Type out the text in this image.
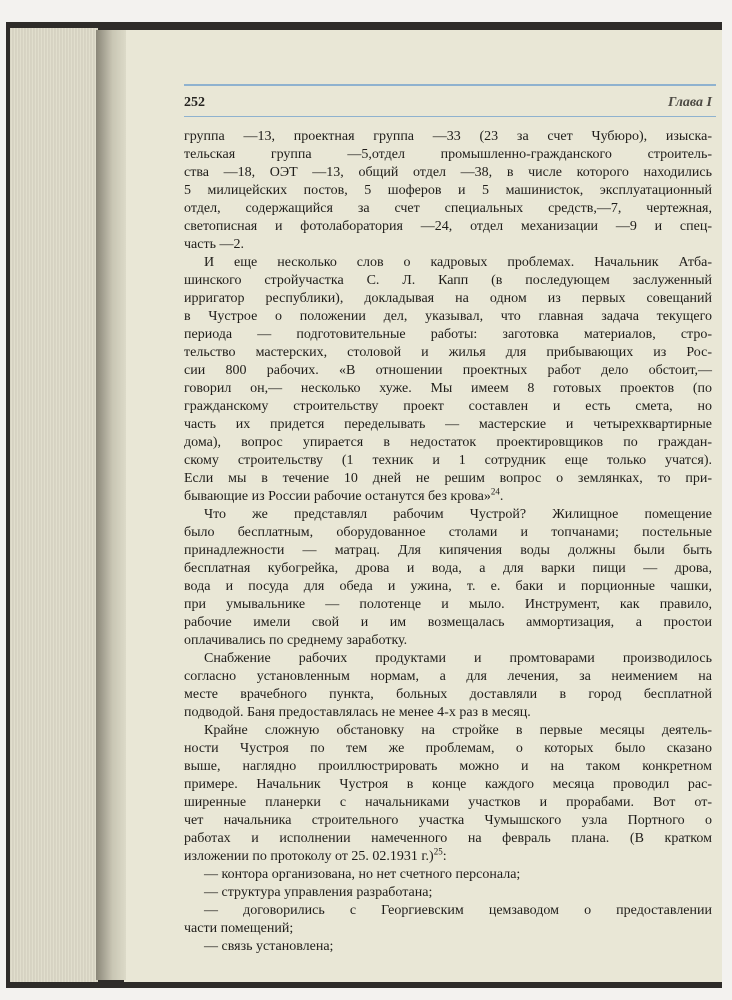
252	Глава I
группа —13, проектная группа —33 (23 за счет Чубюро), изыска-
тельская группа —5,отдел промышленно-гражданского строитель-
ства —18, ОЭТ —13, общий отдел —38, в числе которого находились
5 милицейских постов, 5 шоферов и 5 машинисток, эксплуатационный
отдел, содержащийся за счет специальных средств,—7, чертежная,
светописная и фотолаборатория —24, отдел механизации —9 и спец-
часть —2.
И еще несколько слов о кадровых проблемах. Начальник Атба-
шинского стройучастка С. Л. Капп (в последующем заслуженный
ирригатор республики), докладывая на одном из первых совещаний
в Чустрое о положении дел, указывал, что главная задача текущего
периода — подготовительные работы: заготовка материалов, стро-
тельство мастерских, столовой и жилья для прибывающих из Рос-
сии 800 рабочих. «В отношении проектных работ дело обстоит,—
говорил он,— несколько хуже. Мы имеем 8 готовых проектов (по
гражданскому строительству проект составлен и есть смета, но
часть их придется переделывать — мастерские и четырехквартирные
дома), вопрос упирается в недостаток проектировщиков по граждан-
скому строительству (1 техник и 1 сотрудник еще только учатся).
Если мы в течение 10 дней не решим вопрос о землянках, то при-
бывающие из России рабочие останутся без крова»$^{24}$.
Что же представлял рабочим Чустрой? Жилищное помещение
было бесплатным, оборудованное столами и топчанами; постельные
принадлежности — матрац. Для кипячения воды должны были быть
бесплатная кубогрейка, дрова и вода, а для варки пищи — дрова,
вода и посуда для обеда и ужина, т. е. баки и порционные чашки,
при умывальнике — полотенце и мыло. Инструмент, как правило,
рабочие имели свой и им возмещалась аммортизация, а простои
оплачивались по среднему заработку.
Снабжение рабочих продуктами и промтоварами производилось
согласно установленным нормам, а для лечения, за неимением на
месте врачебного пункта, больных доставляли в город бесплатной
подводой. Баня предоставлялась не менее 4-х раз в месяц.
Крайне сложную обстановку на стройке в первые месяцы деятель-
ности Чустроя по тем же проблемам, о которых было сказано
выше, наглядно проиллюстрировать можно и на таком конкретном
примере. Начальник Чустроя в конце каждого месяца проводил рас-
ширенные планерки с начальниками участков и прорабами. Вот от-
чет начальника строительного участка Чумышского узла Портного о
работах и исполнении намеченного на февраль плана. (В кратком
изложении по протоколу от 25. 02.1931 г.)$^{25}$:
— контора организована, но нет счетного персонала;
— структура управления разработана;
— договорились с Георгиевским цемзаводом о предоставлении
части помещений;
— связь установлена;
